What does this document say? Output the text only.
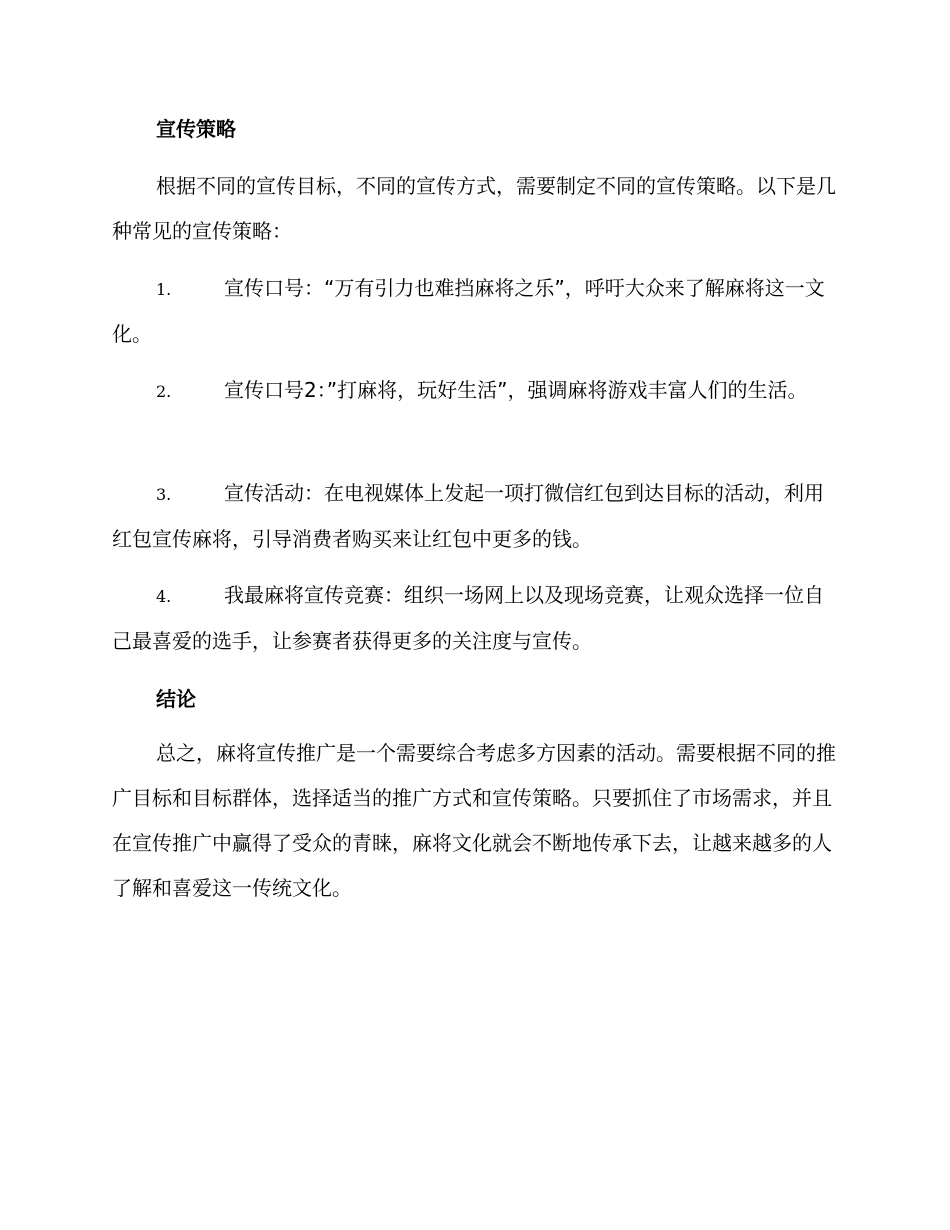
宣传策略

根据不同的宣传目标，不同的宣传方式，需要制定不同的宣传策略。以下是几种常见的宣传策略：

1.	宣传口号：“万有引力也难挡麻将之乐”，呼吁大众来了解麻将这一文化。

2.	宣传口号2：”打麻将，玩好生活”，强调麻将游戏丰富人们的生活。

3.	宣传活动：在电视媒体上发起一项打微信红包到达目标的活动，利用红包宣传麻将，引导消费者购买来让红包中更多的钱。

4.	我最麻将宣传竞赛：组织一场网上以及现场竞赛，让观众选择一位自己最喜爱的选手，让参赛者获得更多的关注度与宣传。

结论

总之，麻将宣传推广是一个需要综合考虑多方因素的活动。需要根据不同的推广目标和目标群体，选择适当的推广方式和宣传策略。只要抓住了市场需求，并且在宣传推广中赢得了受众的青睐，麻将文化就会不断地传承下去，让越来越多的人了解和喜爱这一传统文化。
